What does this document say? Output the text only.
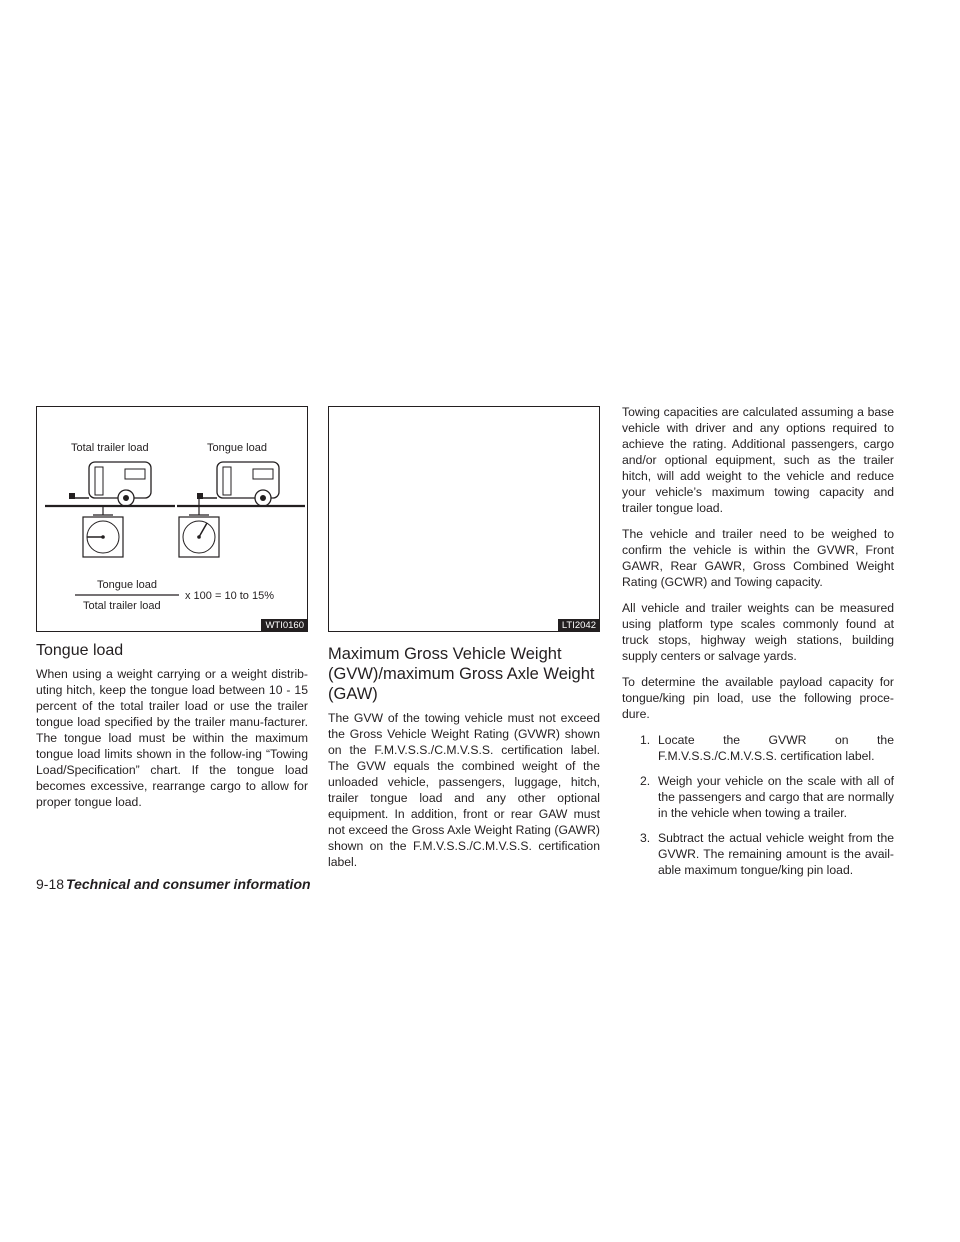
Total trailer load	Tongue load
Tongue load
Total trailer load
x 100 = 10 to 15%
WTI0160
Tongue load

When using a weight carrying or a weight distrib-uting hitch, keep the tongue load between 10 - 15 percent of the total trailer load or use the trailer tongue load specified by the trailer manu-facturer. The tongue load must be within the maximum tongue load limits shown in the follow-ing “Towing Load/Specification” chart. If the tongue load becomes excessive, rearrange cargo to allow for proper tongue load.

LTI2042
Maximum Gross Vehicle Weight (GVW)/maximum Gross Axle Weight (GAW)

The GVW of the towing vehicle must not exceed the Gross Vehicle Weight Rating (GVWR) shown on the F.M.V.S.S./C.M.V.S.S. certification label. The GVW equals the combined weight of the unloaded vehicle, passengers, luggage, hitch, trailer tongue load and any other optional equipment. In addition, front or rear GAW must not exceed the Gross Axle Weight Rating (GAWR) shown on the F.M.V.S.S./C.M.V.S.S. certification label.

Towing capacities are calculated assuming a base vehicle with driver and any options required to achieve the rating. Additional passengers, cargo and/or optional equipment, such as the trailer hitch, will add weight to the vehicle and reduce your vehicle’s maximum towing capacity and trailer tongue load.

The vehicle and trailer need to be weighed to confirm the vehicle is within the GVWR, Front GAWR, Rear GAWR, Gross Combined Weight Rating (GCWR) and Towing capacity.

All vehicle and trailer weights can be measured using platform type scales commonly found at truck stops, highway weigh stations, building supply centers or salvage yards.

To determine the available payload capacity for tongue/king pin load, use the following proce-dure.

1. Locate the GVWR on the F.M.V.S.S./C.M.V.S.S. certification label.
2. Weigh your vehicle on the scale with all of the passengers and cargo that are normally in the vehicle when towing a trailer.
3. Subtract the actual vehicle weight from the GVWR. The remaining amount is the avail-able maximum tongue/king pin load.
9-18 Technical and consumer information
